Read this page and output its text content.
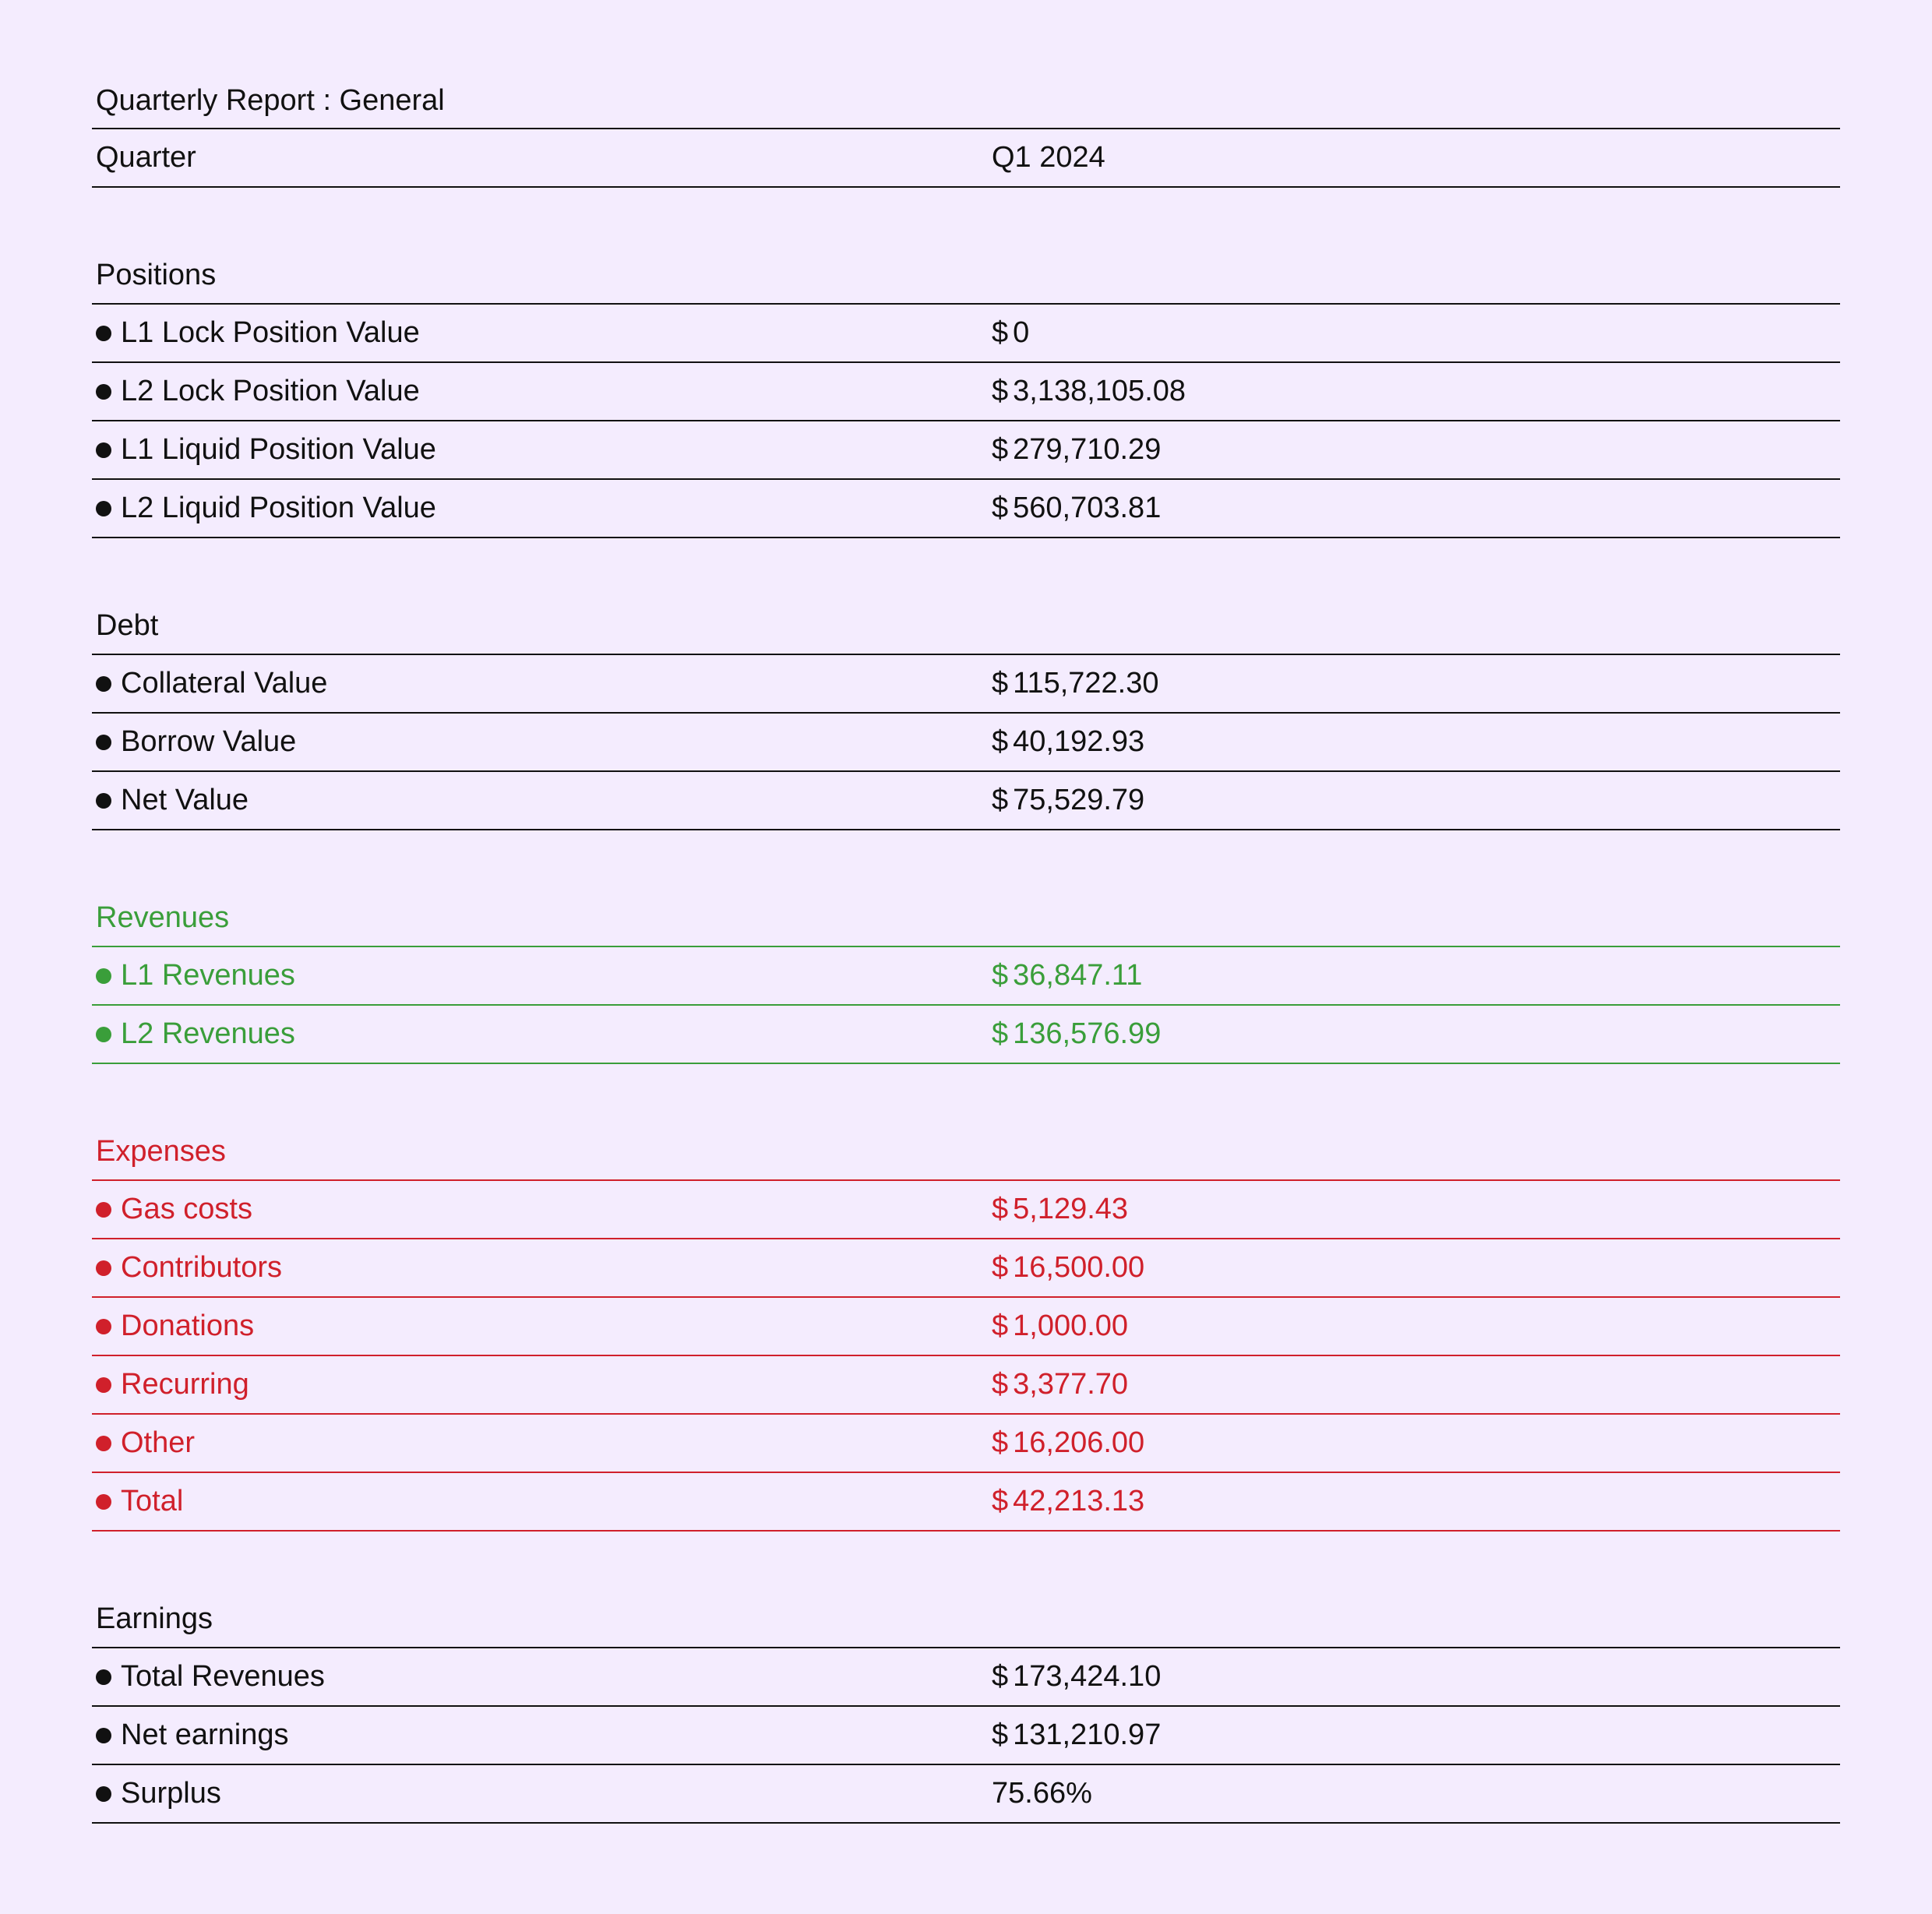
Quarterly Report : General
Quarter	Q1 2024
Positions
L1 Lock Position Value	$ 0
L2 Lock Position Value	$ 3,138,105.08
L1 Liquid Position Value	$ 279,710.29
L2 Liquid Position Value	$ 560,703.81
Debt
Collateral Value	$ 115,722.30
Borrow Value	$ 40,192.93
Net Value	$ 75,529.79
Revenues
L1 Revenues	$ 36,847.11
L2 Revenues	$ 136,576.99
Expenses
Gas costs	$ 5,129.43
Contributors	$ 16,500.00
Donations	$ 1,000.00
Recurring	$ 3,377.70
Other	$ 16,206.00
Total	$ 42,213.13
Earnings
Total Revenues	$ 173,424.10
Net earnings	$ 131,210.97
Surplus	75.66%
